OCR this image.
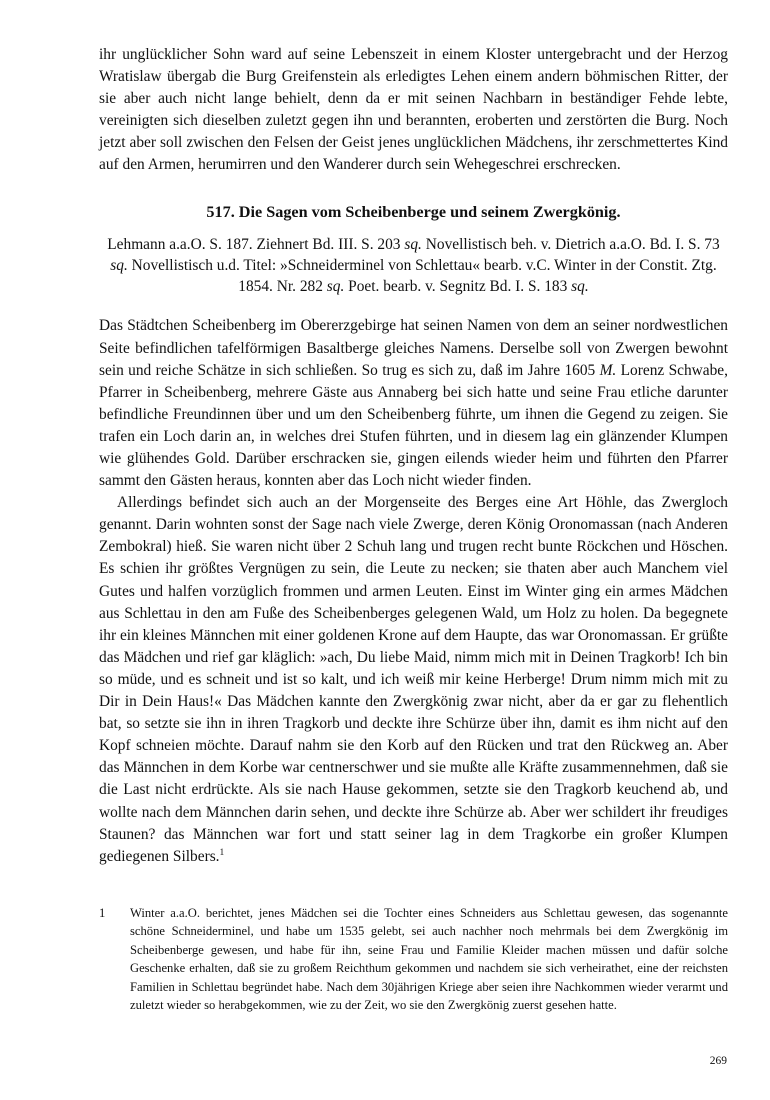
ihr unglücklicher Sohn ward auf seine Lebenszeit in einem Kloster untergebracht und der Herzog Wratislaw übergab die Burg Greifenstein als erledigtes Lehen einem andern böhmischen Ritter, der sie aber auch nicht lange behielt, denn da er mit seinen Nachbarn in beständiger Fehde lebte, vereinigten sich dieselben zuletzt gegen ihn und berannten, eroberten und zerstörten die Burg. Noch jetzt aber soll zwischen den Felsen der Geist jenes unglücklichen Mädchens, ihr zerschmettertes Kind auf den Armen, herumirren und den Wanderer durch sein Wehegeschrei erschrecken.

517. Die Sagen vom Scheibenberge und seinem Zwergkönig.
Lehmann a.a.O. S. 187. Ziehnert Bd. III. S. 203 sq. Novellistisch beh. v. Dietrich a.a.O. Bd. I. S. 73 sq. Novellistisch u.d. Titel: »Schneiderminel von Schlettau« bearb. v.C. Winter in der Constit. Ztg. 1854. Nr. 282 sq. Poet. bearb. v. Segnitz Bd. I. S. 183 sq.

Das Städtchen Scheibenberg im Obererzgebirge hat seinen Namen von dem an seiner nordwestlichen Seite befindlichen tafelförmigen Basaltberge gleiches Namens. Derselbe soll von Zwergen bewohnt sein und reiche Schätze in sich schließen. So trug es sich zu, daß im Jahre 1605 M. Lorenz Schwabe, Pfarrer in Scheibenberg, mehrere Gäste aus Annaberg bei sich hatte und seine Frau etliche darunter befindliche Freundinnen über und um den Scheibenberg führte, um ihnen die Gegend zu zeigen. Sie trafen ein Loch darin an, in welches drei Stufen führten, und in diesem lag ein glänzender Klumpen wie glühendes Gold. Darüber erschracken sie, gingen eilends wieder heim und führten den Pfarrer sammt den Gästen heraus, konnten aber das Loch nicht wieder finden.

Allerdings befindet sich auch an der Morgenseite des Berges eine Art Höhle, das Zwergloch genannt. Darin wohnten sonst der Sage nach viele Zwerge, deren König Oronomassan (nach Anderen Zembokral) hieß. Sie waren nicht über 2 Schuh lang und trugen recht bunte Röckchen und Höschen. Es schien ihr größtes Vergnügen zu sein, die Leute zu necken; sie thaten aber auch Manchem viel Gutes und halfen vorzüglich frommen und armen Leuten. Einst im Winter ging ein armes Mädchen aus Schlettau in den am Fuße des Scheibenberges gelegenen Wald, um Holz zu holen. Da begegnete ihr ein kleines Männchen mit einer goldenen Krone auf dem Haupte, das war Oronomassan. Er grüßte das Mädchen und rief gar kläglich: »ach, Du liebe Maid, nimm mich mit in Deinen Tragkorb! Ich bin so müde, und es schneit und ist so kalt, und ich weiß mir keine Herberge! Drum nimm mich mit zu Dir in Dein Haus!« Das Mädchen kannte den Zwergkönig zwar nicht, aber da er gar zu flehentlich bat, so setzte sie ihn in ihren Tragkorb und deckte ihre Schürze über ihn, damit es ihm nicht auf den Kopf schneien möchte. Darauf nahm sie den Korb auf den Rücken und trat den Rückweg an. Aber das Männchen in dem Korbe war centnerschwer und sie mußte alle Kräfte zusammennehmen, daß sie die Last nicht erdrückte. Als sie nach Hause gekommen, setzte sie den Tragkorb keuchend ab, und wollte nach dem Männchen darin sehen, und deckte ihre Schürze ab. Aber wer schildert ihr freudiges Staunen? das Männchen war fort und statt seiner lag in dem Tragkorbe ein großer Klumpen gediegenen Silbers.$^1$

1	Winter a.a.O. berichtet, jenes Mädchen sei die Tochter eines Schneiders aus Schlettau gewesen, das sogenannte schöne Schneiderminel, und habe um 1535 gelebt, sei auch nachher noch mehrmals bei dem Zwergkönig im Scheibenberge gewesen, und habe für ihn, seine Frau und Familie Kleider machen müssen und dafür solche Geschenke erhalten, daß sie zu großem Reichthum gekommen und nachdem sie sich verheirathet, eine der reichsten Familien in Schlettau begründet habe. Nach dem 30jährigen Kriege aber seien ihre Nachkommen wieder verarmt und zuletzt wieder so herabgekommen, wie zu der Zeit, wo sie den Zwergkönig zuerst gesehen hatte.
269
